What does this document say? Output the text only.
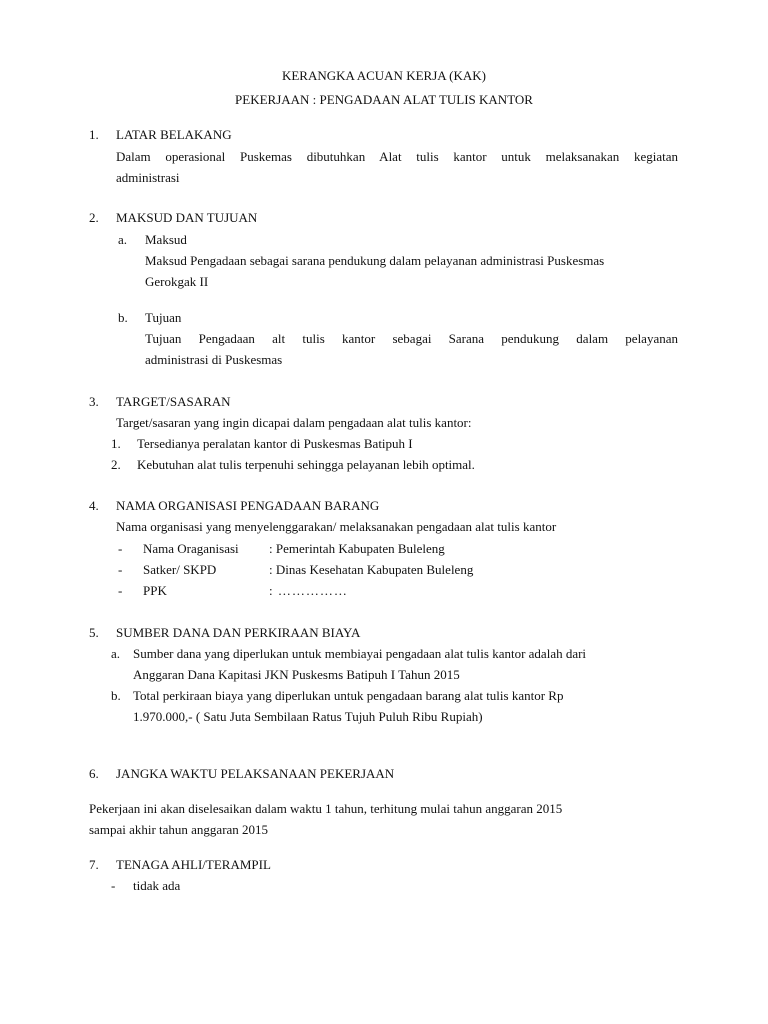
KERANGKA ACUAN KERJA (KAK)
PEKERJAAN : PENGADAAN ALAT TULIS KANTOR
1. LATAR BELAKANG
Dalam operasional Puskemas dibutuhkan Alat tulis kantor untuk melaksanakan kegiatan
administrasi
2. MAKSUD DAN TUJUAN
a. Maksud
Maksud Pengadaan sebagai sarana pendukung dalam pelayanan administrasi Puskesmas
Gerokgak II
b. Tujuan
Tujuan Pengadaan alt tulis kantor sebagai Sarana pendukung dalam pelayanan
administrasi di Puskesmas
3. TARGET/SASARAN
Target/sasaran yang ingin dicapai dalam pengadaan alat tulis kantor:
1. Tersedianya peralatan kantor di Puskesmas Batipuh I
2. Kebutuhan alat tulis terpenuhi sehingga pelayanan lebih optimal.
4. NAMA ORGANISASI PENGADAAN BARANG
Nama organisasi yang menyelenggarakan/ melaksanakan pengadaan alat tulis kantor
- Nama Oraganisasi : Pemerintah Kabupaten Buleleng
- Satker/ SKPD	: Dinas Kesehatan Kabupaten Buleleng
- PPK	: ……………
5. SUMBER DANA DAN PERKIRAAN BIAYA
a. Sumber dana yang diperlukan untuk membiayai pengadaan alat tulis kantor adalah dari
Anggaran Dana Kapitasi JKN Puskesms Batipuh I Tahun 2015
b. Total perkiraan biaya yang diperlukan untuk pengadaan barang alat tulis kantor Rp
1.970.000,- ( Satu Juta Sembilaan Ratus Tujuh Puluh Ribu Rupiah)
6. JANGKA WAKTU PELAKSANAAN PEKERJAAN
Pekerjaan ini akan diselesaikan dalam waktu 1 tahun, terhitung mulai tahun anggaran 2015
sampai akhir tahun anggaran 2015
7. TENAGA AHLI/TERAMPIL
- tidak ada
